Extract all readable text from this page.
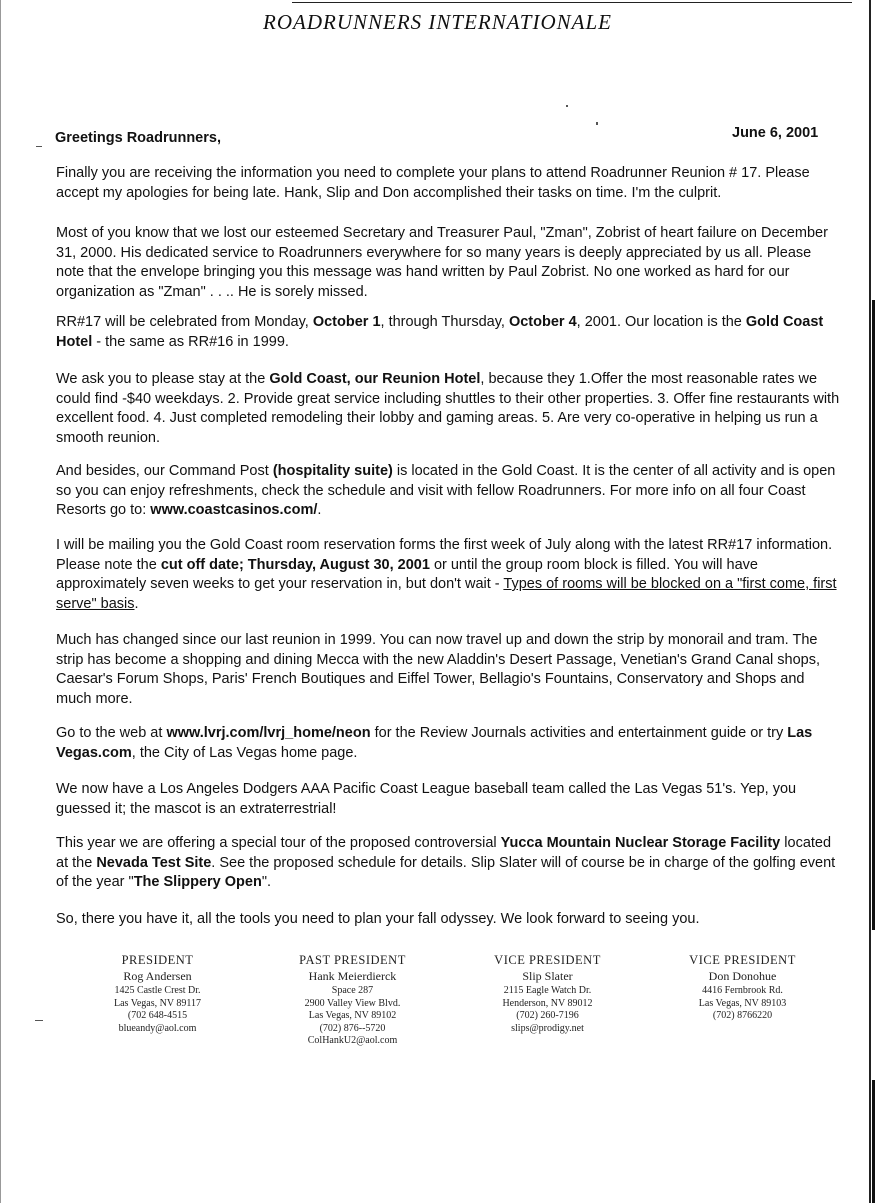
ROADRUNNERS INTERNATIONALE
Greetings Roadrunners,	June 6, 2001

Finally you are receiving the information you need to complete your plans to attend Roadrunner Reunion # 17. Please accept my apologies for being late. Hank, Slip and Don accomplished their tasks on time. I'm the culprit.

Most of you know that we lost our esteemed Secretary and Treasurer Paul, "Zman", Zobrist of heart failure on December 31, 2000. His dedicated service to Roadrunners everywhere for so many years is deeply appreciated by us all. Please note that the envelope bringing you this message was hand written by Paul Zobrist. No one worked as hard for our organization as "Zman" . . .. He is sorely missed.

RR#17 will be celebrated from Monday, October 1, through Thursday, October 4, 2001. Our location is the Gold Coast Hotel - the same as RR#16 in 1999.

We ask you to please stay at the Gold Coast, our Reunion Hotel, because they 1.Offer the most reasonable rates we could find -$40 weekdays. 2. Provide great service including shuttles to their other properties. 3. Offer fine restaurants with excellent food. 4. Just completed remodeling their lobby and gaming areas. 5. Are very co-operative in helping us run a smooth reunion.

And besides, our Command Post (hospitality suite) is located in the Gold Coast. It is the center of all activity and is open so you can enjoy refreshments, check the schedule and visit with fellow Roadrunners. For more info on all four Coast Resorts go to: www.coastcasinos.com/.

I will be mailing you the Gold Coast room reservation forms the first week of July along with the latest RR#17 information. Please note the cut off date; Thursday, August 30, 2001 or until the group room block is filled. You will have approximately seven weeks to get your reservation in, but don't wait - Types of rooms will be blocked on a "first come, first serve" basis.

Much has changed since our last reunion in 1999. You can now travel up and down the strip by monorail and tram. The strip has become a shopping and dining Mecca with the new Aladdin's Desert Passage, Venetian's Grand Canal shops, Caesar's Forum Shops, Paris' French Boutiques and Eiffel Tower, Bellagio's Fountains, Conservatory and Shops and much more.

Go to the web at www.lvrj.com/lvrj_home/neon for the Review Journals activities and entertainment guide or try Las Vegas.com, the City of Las Vegas home page.

We now have a Los Angeles Dodgers AAA Pacific Coast League baseball team called the Las Vegas 51's. Yep, you guessed it; the mascot is an extraterrestrial!

This year we are offering a special tour of the proposed controversial Yucca Mountain Nuclear Storage Facility located at the Nevada Test Site. See the proposed schedule for details. Slip Slater will of course be in charge of the golfing event of the year "The Slippery Open".

So, there you have it, all the tools you need to plan your fall odyssey. We look forward to seeing you.

PRESIDENT
Rog Andersen
1425 Castle Crest Dr.
Las Vegas, NV 89117
(702 648-4515
blueandy@aol.com
PAST PRESIDENT
Hank Meierdierck
Space 287
2900 Valley View Blvd.
Las Vegas, NV 89102
(702) 876--5720
ColHankU2@aol.com
VICE PRESIDENT
Slip Slater
2115 Eagle Watch Dr.
Henderson, NV 89012
(702) 260-7196
slips@prodigy.net
VICE PRESIDENT
Don Donohue
4416 Fernbrook Rd.
Las Vegas, NV 89103
(702) 8766220
